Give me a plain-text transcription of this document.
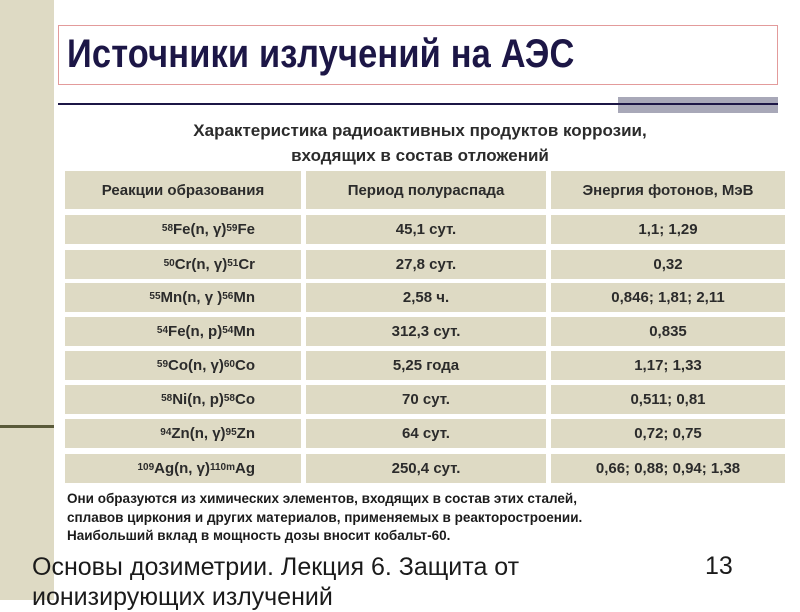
Источники излучений на АЭС
Характеристика радиоактивных продуктов коррозии,
входящих в состав отложений
Реакции образования	Период полураспада	Энергия фотонов, МэВ
$^{58}$ Fe(n, γ)$^{59}$ Fe	45,1 сут.	1,1; 1,29
$^{50}$ Cr(n, γ)$^{51}$ Cr	27,8 сут.	0,32
$^{55}$ Mn(n, γ )$^{56}$ Mn	2,58 ч.	0,846; 1,81; 2,11
$^{54}$ Fe(n, p)$^{54}$ Mn	312,3 сут.	0,835
$^{59}$ Co(n, γ)$^{60}$ Co	5,25 года	1,17; 1,33
$^{58}$ Ni(n, p)$^{58}$ Co	70 сут.	0,511; 0,81
$^{94}$ Zn(n, γ)$^{95}$ Zn	64 сут.	0,72; 0,75
$^{109}$ Ag(n, γ)$^{110m}$ Ag	250,4 сут.	0,66; 0,88; 0,94; 1,38
Они образуются из химических элементов, входящих в состав этих сталей,
сплавов циркония и других материалов, применяемых в реакторостроении.
Наибольший вклад в мощность дозы вносит кобальт-60.
Основы дозиметрии. Лекция 6. Защита от
ионизирующих излучений
13
